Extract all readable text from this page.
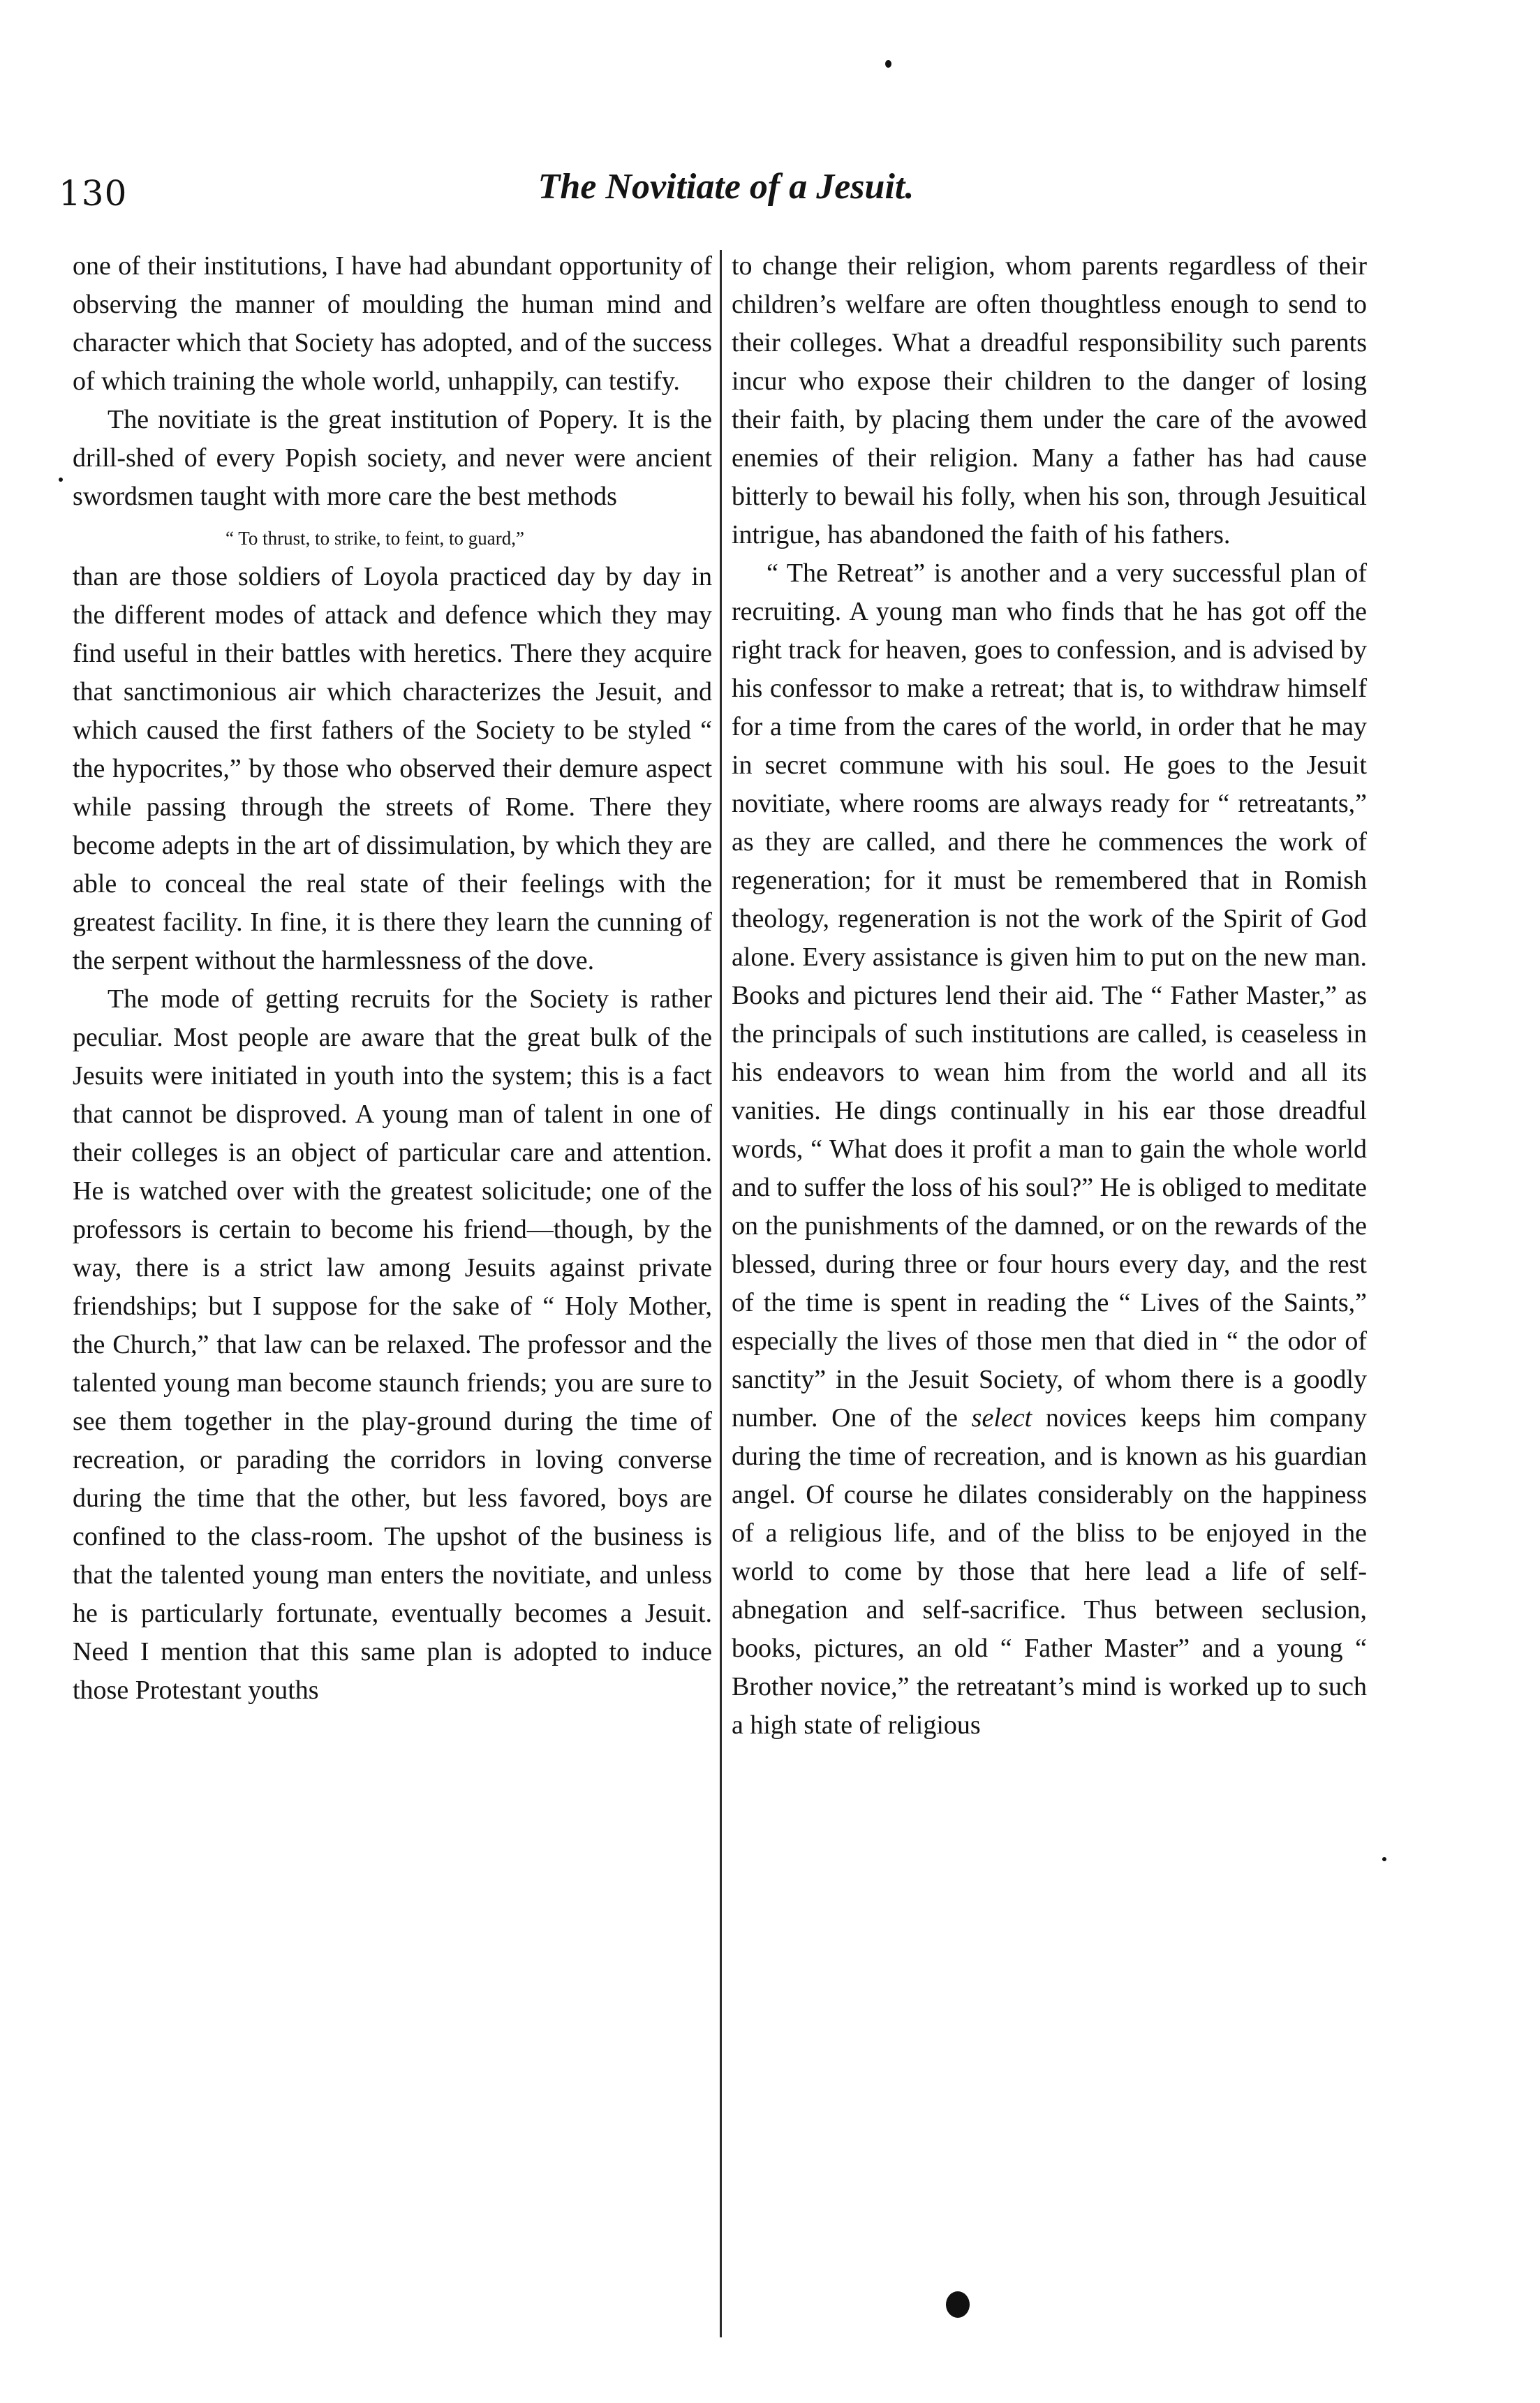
130	The Novitiate of a Jesuit.

one of their institutions, I have had abundant opportunity of observing the manner of moulding the human mind and character which that Society has adopted, and of the success of which training the whole world, unhappily, can testify.

The novitiate is the great institution of Popery. It is the drill-shed of every Popish society, and never were ancient swordsmen taught with more care the best methods

“ To thrust, to strike, to feint, to guard,”

than are those soldiers of Loyola practiced day by day in the different modes of attack and defence which they may find useful in their battles with heretics. There they acquire that sanctimonious air which characterizes the Jesuit, and which caused the first fathers of the Society to be styled “ the hypocrites,” by those who observed their demure aspect while passing through the streets of Rome. There they become adepts in the art of dissimulation, by which they are able to conceal the real state of their feelings with the greatest facility. In fine, it is there they learn the cunning of the serpent without the harmlessness of the dove.

The mode of getting recruits for the Society is rather peculiar. Most people are aware that the great bulk of the Jesuits were initiated in youth into the system; this is a fact that cannot be disproved. A young man of talent in one of their colleges is an object of particular care and attention. He is watched over with the greatest solicitude; one of the professors is certain to become his friend—though, by the way, there is a strict law among Jesuits against private friendships; but I suppose for the sake of “ Holy Mother, the Church,” that law can be relaxed. The professor and the talented young man become staunch friends; you are sure to see them together in the play-ground during the time of recreation, or parading the corridors in loving converse during the time that the other, but less favored, boys are confined to the class-room. The upshot of the business is that the talented young man enters the novitiate, and unless he is particularly fortunate, eventually becomes a Jesuit. Need I mention that this same plan is adopted to induce those Protestant youths

to change their religion, whom parents regardless of their children’s welfare are often thoughtless enough to send to their colleges. What a dreadful responsibility such parents incur who expose their children to the danger of losing their faith, by placing them under the care of the avowed enemies of their religion. Many a father has had cause bitterly to bewail his folly, when his son, through Jesuitical intrigue, has abandoned the faith of his fathers.

“ The Retreat” is another and a very successful plan of recruiting. A young man who finds that he has got off the right track for heaven, goes to confession, and is advised by his confessor to make a retreat; that is, to withdraw himself for a time from the cares of the world, in order that he may in secret commune with his soul. He goes to the Jesuit novitiate, where rooms are always ready for “ retreatants,” as they are called, and there he commences the work of regeneration; for it must be remembered that in Romish theology, regeneration is not the work of the Spirit of God alone. Every assistance is given him to put on the new man. Books and pictures lend their aid. The “ Father Master,” as the principals of such institutions are called, is ceaseless in his endeavors to wean him from the world and all its vanities. He dings continually in his ear those dreadful words, “ What does it profit a man to gain the whole world and to suffer the loss of his soul?” He is obliged to meditate on the punishments of the damned, or on the rewards of the blessed, during three or four hours every day, and the rest of the time is spent in reading the “ Lives of the Saints,” especially the lives of those men that died in “ the odor of sanctity” in the Jesuit Society, of whom there is a goodly number. One of the select novices keeps him company during the time of recreation, and is known as his guardian angel. Of course he dilates considerably on the happiness of a religious life, and of the bliss to be enjoyed in the world to come by those that here lead a life of self-abnegation and self-sacrifice. Thus between seclusion, books, pictures, an old “ Father Master” and a young “ Brother novice,” the retreatant’s mind is worked up to such a high state of religious
